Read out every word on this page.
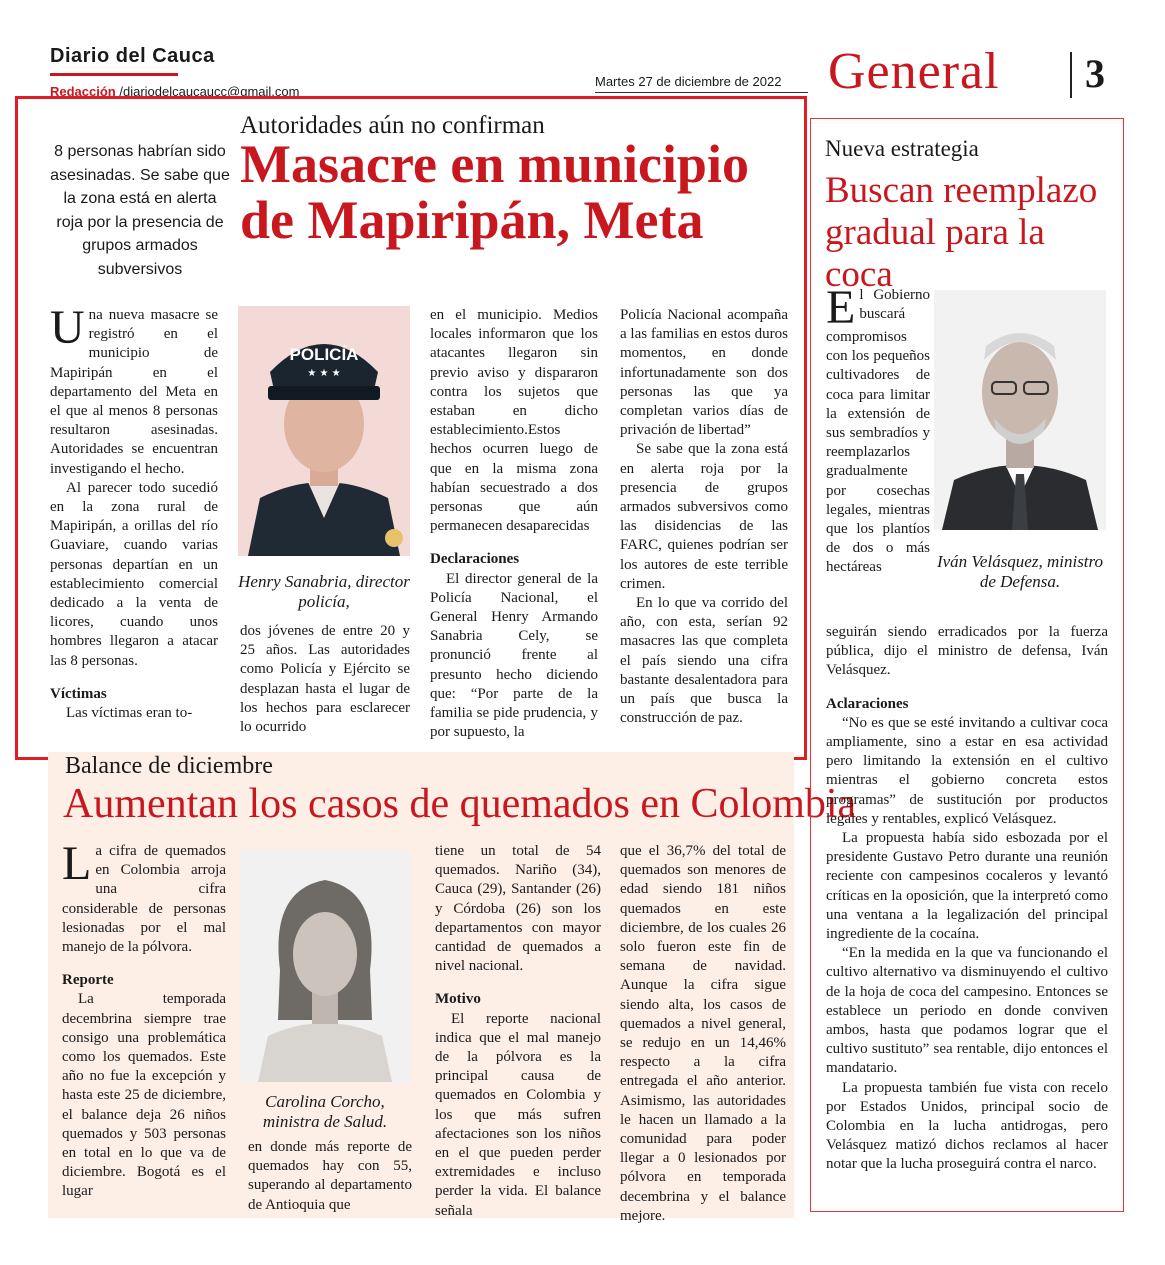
Diario del Cauca
Redacción /diariodelcaucaucc@gmail.com
Martes 27 de diciembre de 2022 General 3
Autoridades aún no confirman
Masacre en municipio de Mapiripán, Meta
8 personas habrían sido asesinadas. Se sabe que la zona está en alerta roja por la presencia de grupos armados subversivos

Una nueva masacre se registró en el municipio de Mapiripán en el departamento del Meta en el que al menos 8 personas resultaron asesinadas. Autoridades se encuentran investigando el hecho.

Al parecer todo sucedió en la zona rural de Mapiripán, a orillas del río Guaviare, cuando varias personas departían en un establecimiento comercial dedicado a la venta de licores, cuando unos hombres llegaron a atacar las 8 personas.

Víctimas

Las víctimas eran to-

POLICÍA
★ ★ ★
Henry Sanabria, director policía,

dos jóvenes de entre 20 y 25 años. Las autoridades como Policía y Ejército se desplazan hasta el lugar de los hechos para esclarecer lo ocurrido

en el municipio. Medios locales informaron que los atacantes llegaron sin previo aviso y dispararon contra los sujetos que estaban en dicho establecimiento.Estos hechos ocurren luego de que en la misma zona habían secuestrado a dos personas que aún permanecen desaparecidas

Declaraciones

El director general de la Policía Nacional, el General Henry Armando Sanabria Cely, se pronunció frente al presunto hecho diciendo que: “Por parte de la familia se pide prudencia, y por supuesto, la

Policía Nacional acompaña a las familias en estos duros momentos, en donde infortunadamente son dos personas las que ya completan varios días de privación de libertad”

Se sabe que la zona está en alerta roja por la presencia de grupos armados subversivos como las disidencias de las FARC, quienes podrían ser los autores de este terrible crimen.

En lo que va corrido del año, con esta, serían 92 masacres las que completa el país siendo una cifra bastante desalentadora para un país que busca la construcción de paz.

Balance de diciembre
Aumentan los casos de quemados en Colombia

La cifra de quemados en Colombia arroja una cifra considerable de personas lesionadas por el mal manejo de la pólvora.

Reporte

La temporada decembrina siempre trae consigo una problemática como los quemados. Este año no fue la excepción y hasta este 25 de diciembre, el balance deja 26 niños quemados y 503 personas en total en lo que va de diciembre. Bogotá es el lugar

Carolina Corcho, ministra de Salud.

en donde más reporte de quemados hay con 55, superando al departamento de Antioquia que

tiene un total de 54 quemados. Nariño (34), Cauca (29), Santander (26) y Córdoba (26) son los departamentos con mayor cantidad de quemados a nivel nacional.

Motivo

El reporte nacional indica que el mal manejo de la pólvora es la principal causa de quemados en Colombia y los que más sufren afectaciones son los niños en el que pueden perder extremidades e incluso perder la vida. El balance señala

que el 36,7% del total de quemados son menores de edad siendo 181 niños quemados en este diciembre, de los cuales 26 solo fueron este fin de semana de navidad. Aunque la cifra sigue siendo alta, los casos de quemados a nivel general, se redujo en un 14,46% respecto a la cifra entregada el año anterior. Asimismo, las autoridades le hacen un llamado a la comunidad para poder llegar a 0 lesionados por pólvora en temporada decembrina y el balance mejore.

Nueva estrategia
Buscan reemplazo gradual para la coca

El Gobierno buscará compromisos con los pequeños cultivadores de coca para limitar la extensión de sus sembradíos y reemplazarlos gradualmente por cosechas legales, mientras que los plantíos de dos o más hectáreas	Iván Velásquez, ministro de Defensa.

seguirán siendo erradicados por la fuerza pública, dijo el ministro de defensa, Iván Velásquez.

Aclaraciones

“No es que se esté invitando a cultivar coca ampliamente, sino a estar en esa actividad pero limitando la extensión en el cultivo mientras el gobierno concreta estos programas” de sustitución por productos legales y rentables, explicó Velásquez.

La propuesta había sido esbozada por el presidente Gustavo Petro durante una reunión reciente con campesinos cocaleros y levantó críticas en la oposición, que la interpretó como una ventana a la legalización del principal ingrediente de la cocaína.

“En la medida en la que va funcionando el cultivo alternativo va disminuyendo el cultivo de la hoja de coca del campesino. Entonces se establece un periodo en donde conviven ambos, hasta que podamos lograr que el cultivo sustituto” sea rentable, dijo entonces el mandatario.

La propuesta también fue vista con recelo por Estados Unidos, principal socio de Colombia en la lucha antidrogas, pero Velásquez matizó dichos reclamos al hacer notar que la lucha proseguirá contra el narco.
